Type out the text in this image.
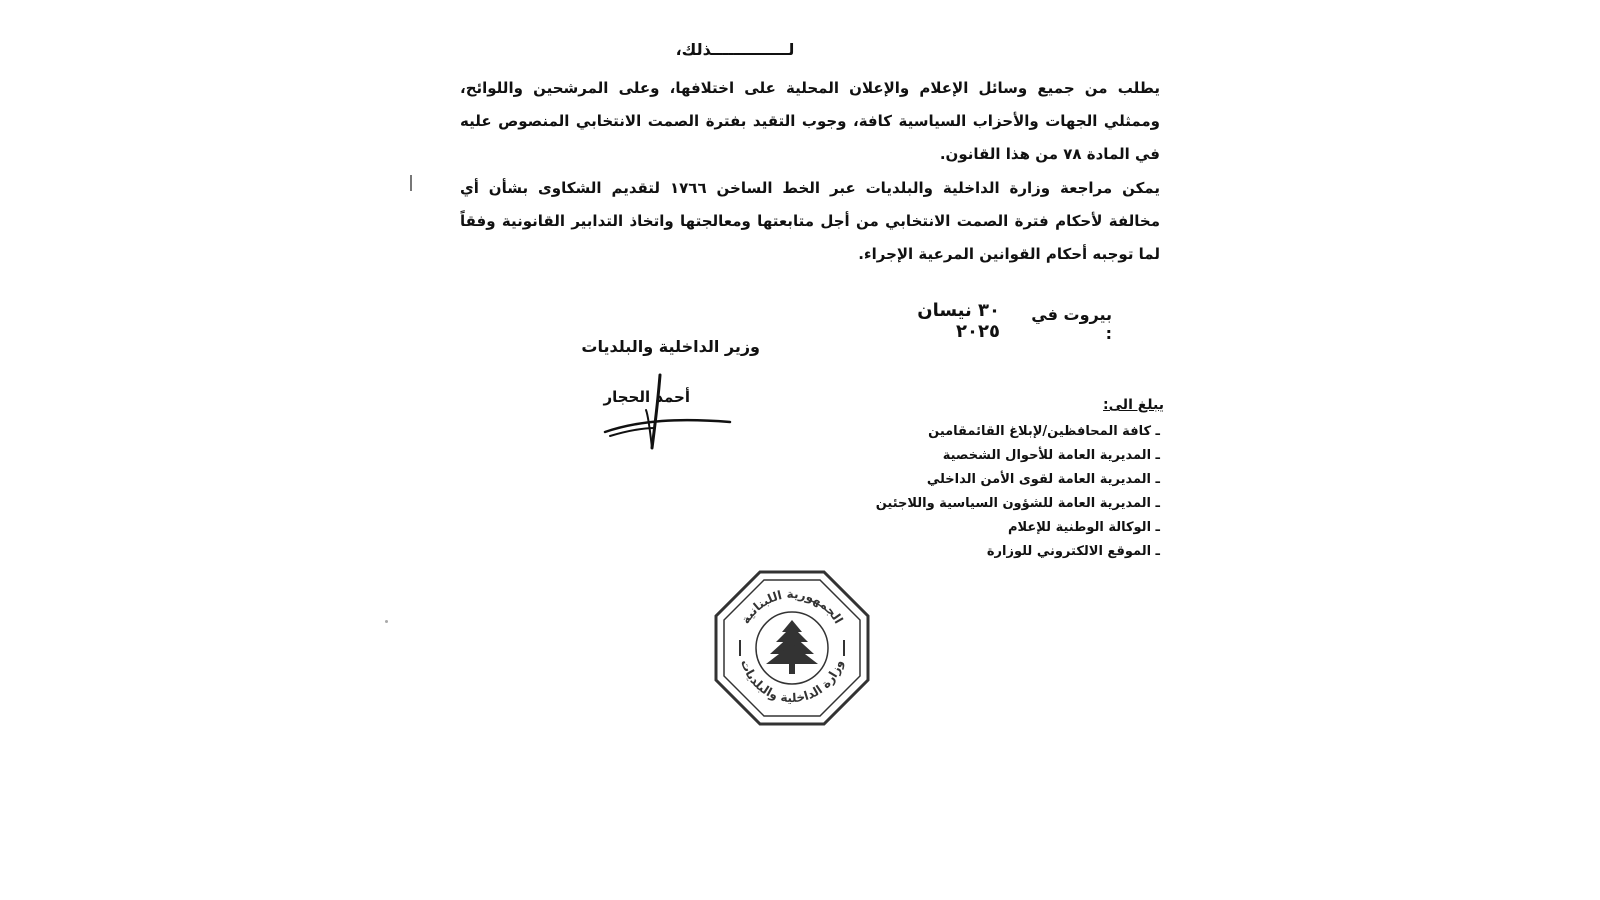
لــــــــــــــذلك،
يطلب من جميع وسائل الإعلام والإعلان المحلية على اختلافها، وعلى المرشحين واللوائح، وممثلي الجهات والأحزاب السياسية كافة، وجوب التقيد بفترة الصمت الانتخابي المنصوص عليه في المادة ٧٨ من هذا القانون.
يمكن مراجعة وزارة الداخلية والبلديات عبر الخط الساخن ١٧٦٦ لتقديم الشكاوى بشأن أي مخالفة لأحكام فترة الصمت الانتخابي من أجل متابعتها ومعالجتها واتخاذ التدابير القانونية وفقاً لما توجبه أحكام القوانين المرعية الإجراء.
بيروت في :
٣٠ نيسان ٢٠٢٥
وزير الداخلية والبلديات
أحمد الحجار	يبلغ الى:
ـ كافة المحافظين/لإبلاغ القائمقامين
ـ المديرية العامة للأحوال الشخصية
ـ المديرية العامة لقوى الأمن الداخلي
ـ المديرية العامة للشؤون السياسية واللاجئين
ـ الوكالة الوطنية للإعلام
ـ الموقع الالكتروني للوزارة
الجمهورية اللبنانية
وزارة الداخلية والبلديات
